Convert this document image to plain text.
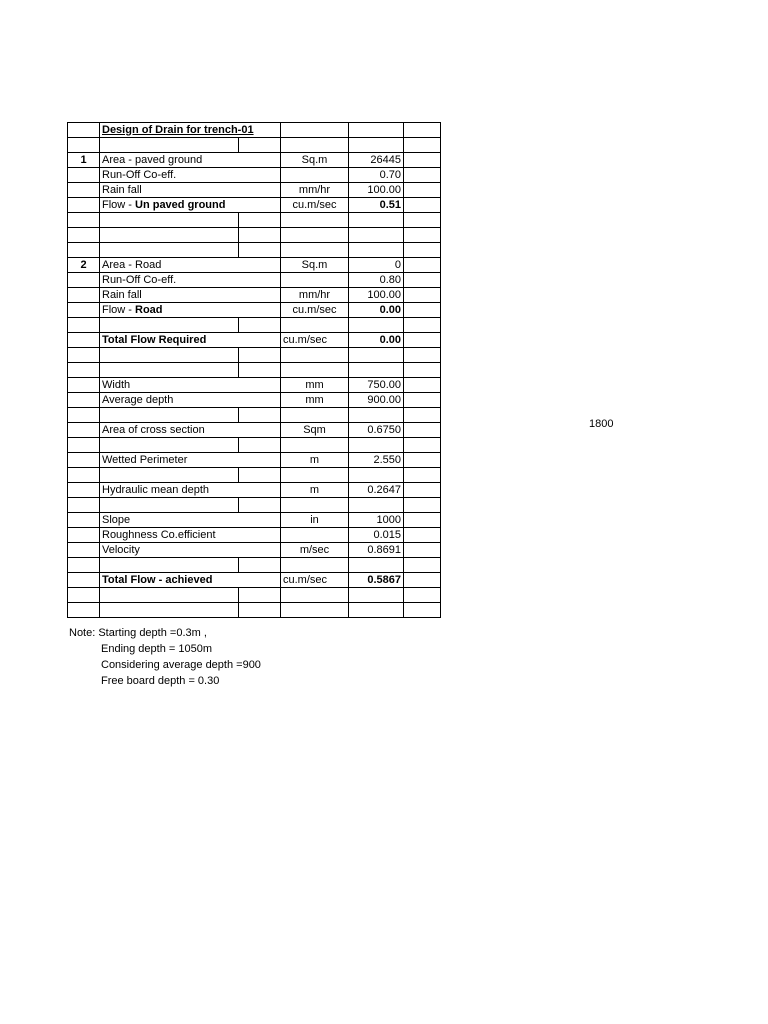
	Design of Drain for trench-01				

1	Area - paved ground		Sq.m	26445	
	Run-Off Co-eff.			0.70	
	Rain fall		mm/hr	100.00	
	Flow - Un paved ground		cu.m/sec	0.51	

2	Area - Road		Sq.m	0	
	Run-Off Co-eff.			0.80	
	Rain fall		mm/hr	100.00	
	Flow - Road		cu.m/sec	0.00	

	Total Flow Required		cu.m/sec	0.00	

	Width		mm	750.00	
	Average depth		mm	900.00	

	Area of cross section		Sqm	0.6750	

	Wetted Perimeter		m	2.550	

	Hydraulic mean depth		m	0.2647	

	Slope		in	1000	
	Roughness Co.efficient			0.015	
	Velocity		m/sec	0.8691	

	Total Flow - achieved		cu.m/sec	0.5867	

1800
Note: Starting depth =0.3m ,
Ending depth = 1050m
Considering average depth =900
Free board depth = 0.30
